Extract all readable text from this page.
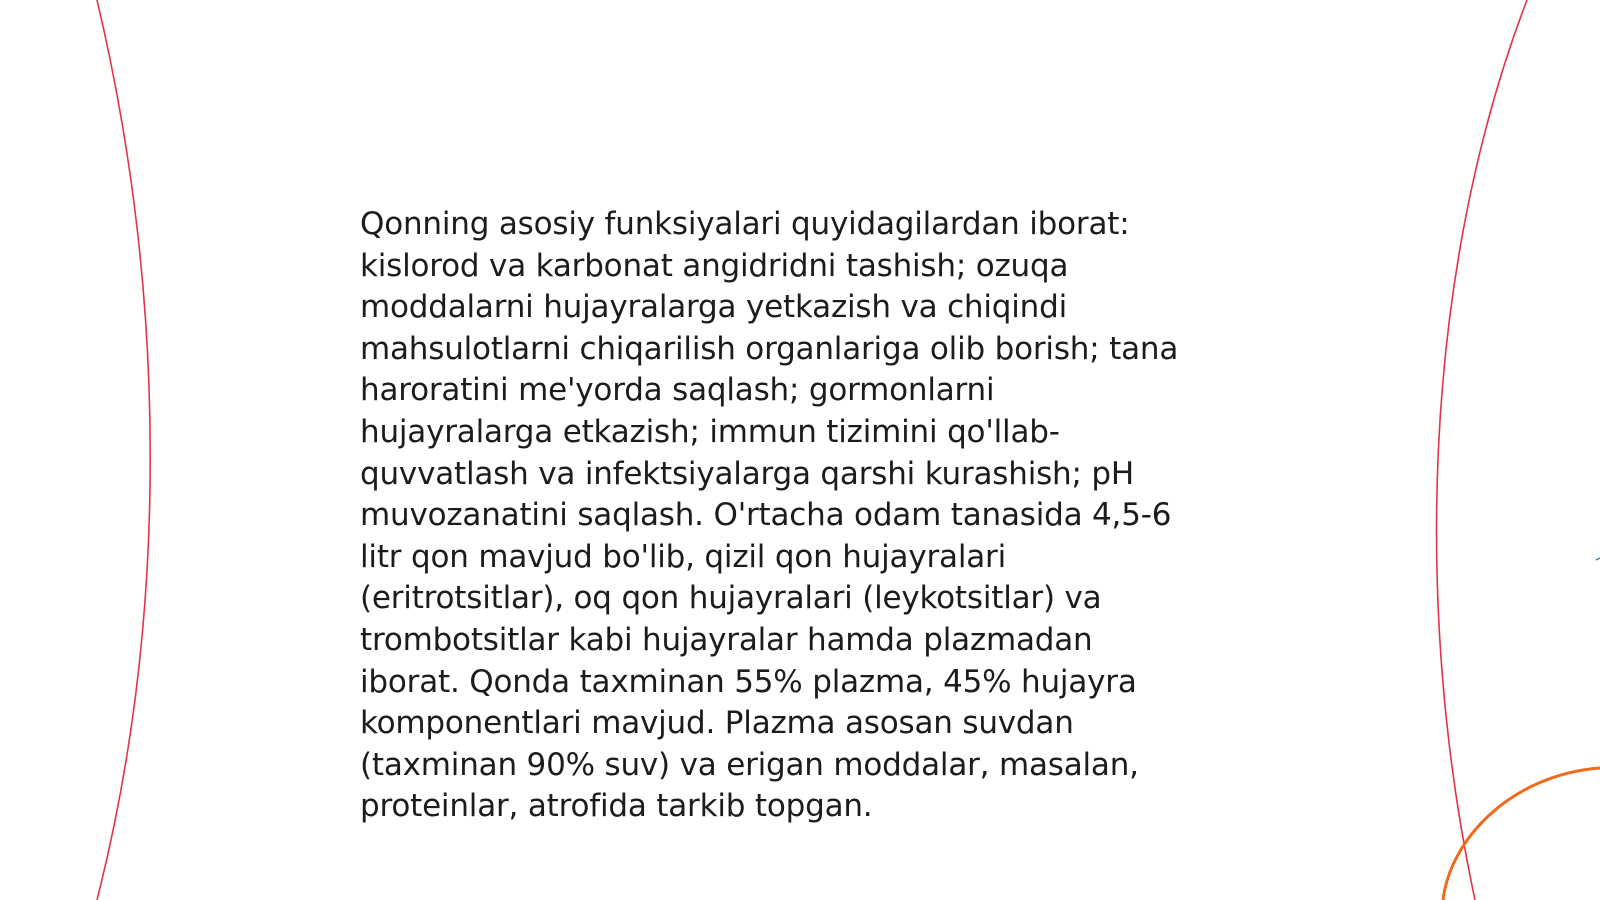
Qonning asosiy funksiyalari quyidagilardan iborat:
kislorod va karbonat angidridni tashish; ozuqa
moddalarni hujayralarga yetkazish va chiqindi
mahsulotlarni chiqarilish organlariga olib borish; tana
haroratini me'yorda saqlash; gormonlarni
hujayralarga etkazish; immun tizimini qo'llab-
quvvatlash va infektsiyalarga qarshi kurashish; pH
muvozanatini saqlash. O'rtacha odam tanasida 4,5-6
litr qon mavjud bo'lib, qizil qon hujayralari
(eritrotsitlar), oq qon hujayralari (leykotsitlar) va
trombotsitlar kabi hujayralar hamda plazmadan
iborat. Qonda taxminan 55% plazma, 45% hujayra
komponentlari mavjud. Plazma asosan suvdan
(taxminan 90% suv) va erigan moddalar, masalan,
proteinlar, atrofida tarkib topgan.
